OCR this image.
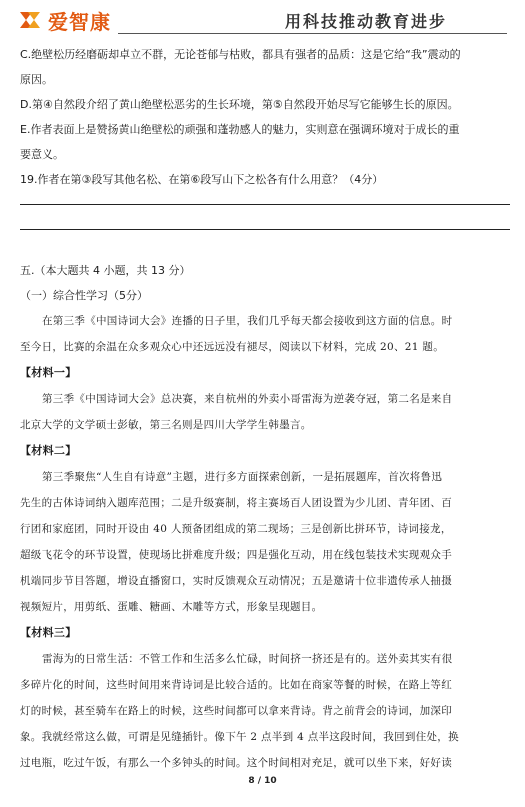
爱智康	用科技推动教育进步
C.绝壁松历经磨砺却卓立不群，无论苍郁与枯败，都具有强者的品质：这是它给“我”震动的
原因。
D.第④自然段介绍了黄山绝壁松恶劣的生长环境，第⑤自然段开始尽写它能够生长的原因。
E.作者表面上是赞扬黄山绝壁松的顽强和蓬勃感人的魅力，实则意在强调环境对于成长的重
要意义。
19.作者在第③段写其他名松、在第⑥段写山下之松各有什么用意？（4分）
五.（本大题共 4 小题，共 13 分）
（一）综合性学习（5分）
在第三季《中国诗词大会》连播的日子里，我们几乎每天都会接收到这方面的信息。时
至今日，比赛的余温在众多观众心中还远远没有褪尽，阅读以下材料，完成 20、21 题。
【材料一】
第三季《中国诗词大会》总决赛，来自杭州的外卖小哥雷海为逆袭夺冠，第二名是来自
北京大学的文学硕士彭敏，第三名则是四川大学学生韩墨言。
【材料二】
第三季聚焦“人生自有诗意”主题，进行多方面探索创新，一是拓展题库，首次将鲁迅
先生的古体诗词纳入题库范围；二是升级赛制，将主赛场百人团设置为少儿团、青年团、百
行团和家庭团，同时开设由 40 人预备团组成的第二现场；三是创新比拼环节，诗词接龙，
超级飞花令的环节设置，使现场比拼难度升级；四是强化互动，用在线包装技术实现观众手
机端同步节目答题，增设直播窗口，实时反馈观众互动情况；五是邀请十位非遗传承人抽摄
视频短片，用剪纸、蛋雕、糖画、木雕等方式，形象呈现题目。
【材料三】
雷海为的日常生活：不管工作和生活多么忙碌，时间挤一挤还是有的。送外卖其实有很
多碎片化的时间，这些时间用来背诗词是比较合适的。比如在商家等餐的时候，在路上等红
灯的时候，甚至骑车在路上的时候，这些时间都可以拿来背诗。背之前背会的诗词，加深印
象。我就经常这么做，可谓是见缝插针。像下午 2 点半到 4 点半这段时间，我回到住处，换
过电瓶，吃过午饭，有那么一个多钟头的时间。这个时间相对充足，就可以坐下来，好好读
8 / 10
